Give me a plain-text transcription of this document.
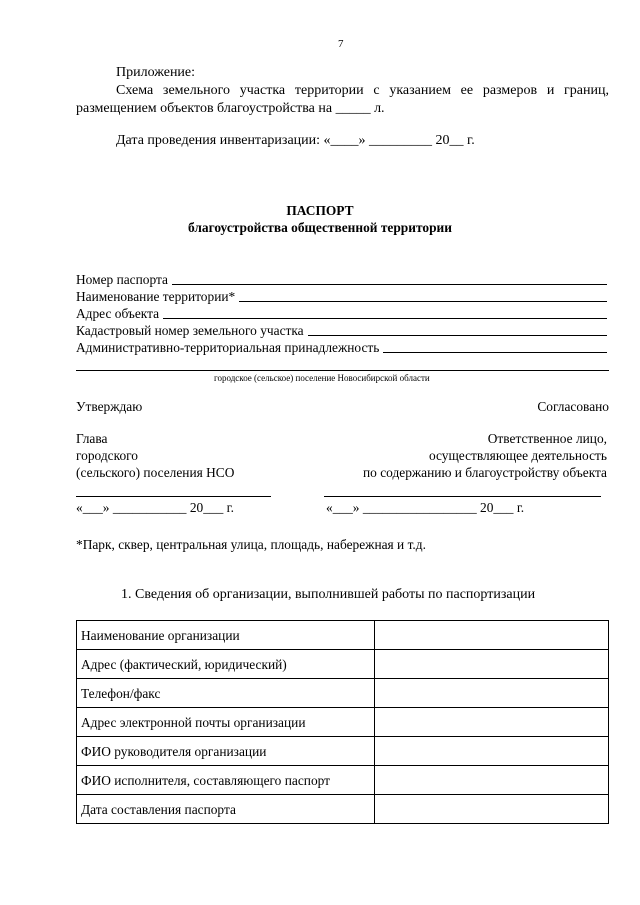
7
Приложение:
Схема земельного участка территории с указанием ее размеров и границ,
размещением объектов благоустройства на _____ л.
Дата проведения инвентаризации: «____» _________ 20__ г.
ПАСПОРТ
благоустройства общественной территории
Номер паспорта
Наименование территории*
Адрес объекта
Кадастровый номер земельного участка
Административно-территориальная принадлежность
городское (сельское) поселение Новосибирской области
Утверждаю	Согласовано
Глава
городского
(сельского) поселения НСО
Ответственное лицо,
осуществляющее деятельность
по содержанию и благоустройству объекта
«___» ___________ 20___ г.	«___» _________________ 20___ г.
*Парк, сквер, центральная улица, площадь, набережная и т.д.
1. Сведения об организации, выполнившей работы по паспортизации
Наименование организации	
Адрес (фактический, юридический)	
Телефон/факс	
Адрес электронной почты организации	
ФИО руководителя организации	
ФИО исполнителя, составляющего паспорт	
Дата составления паспорта	
